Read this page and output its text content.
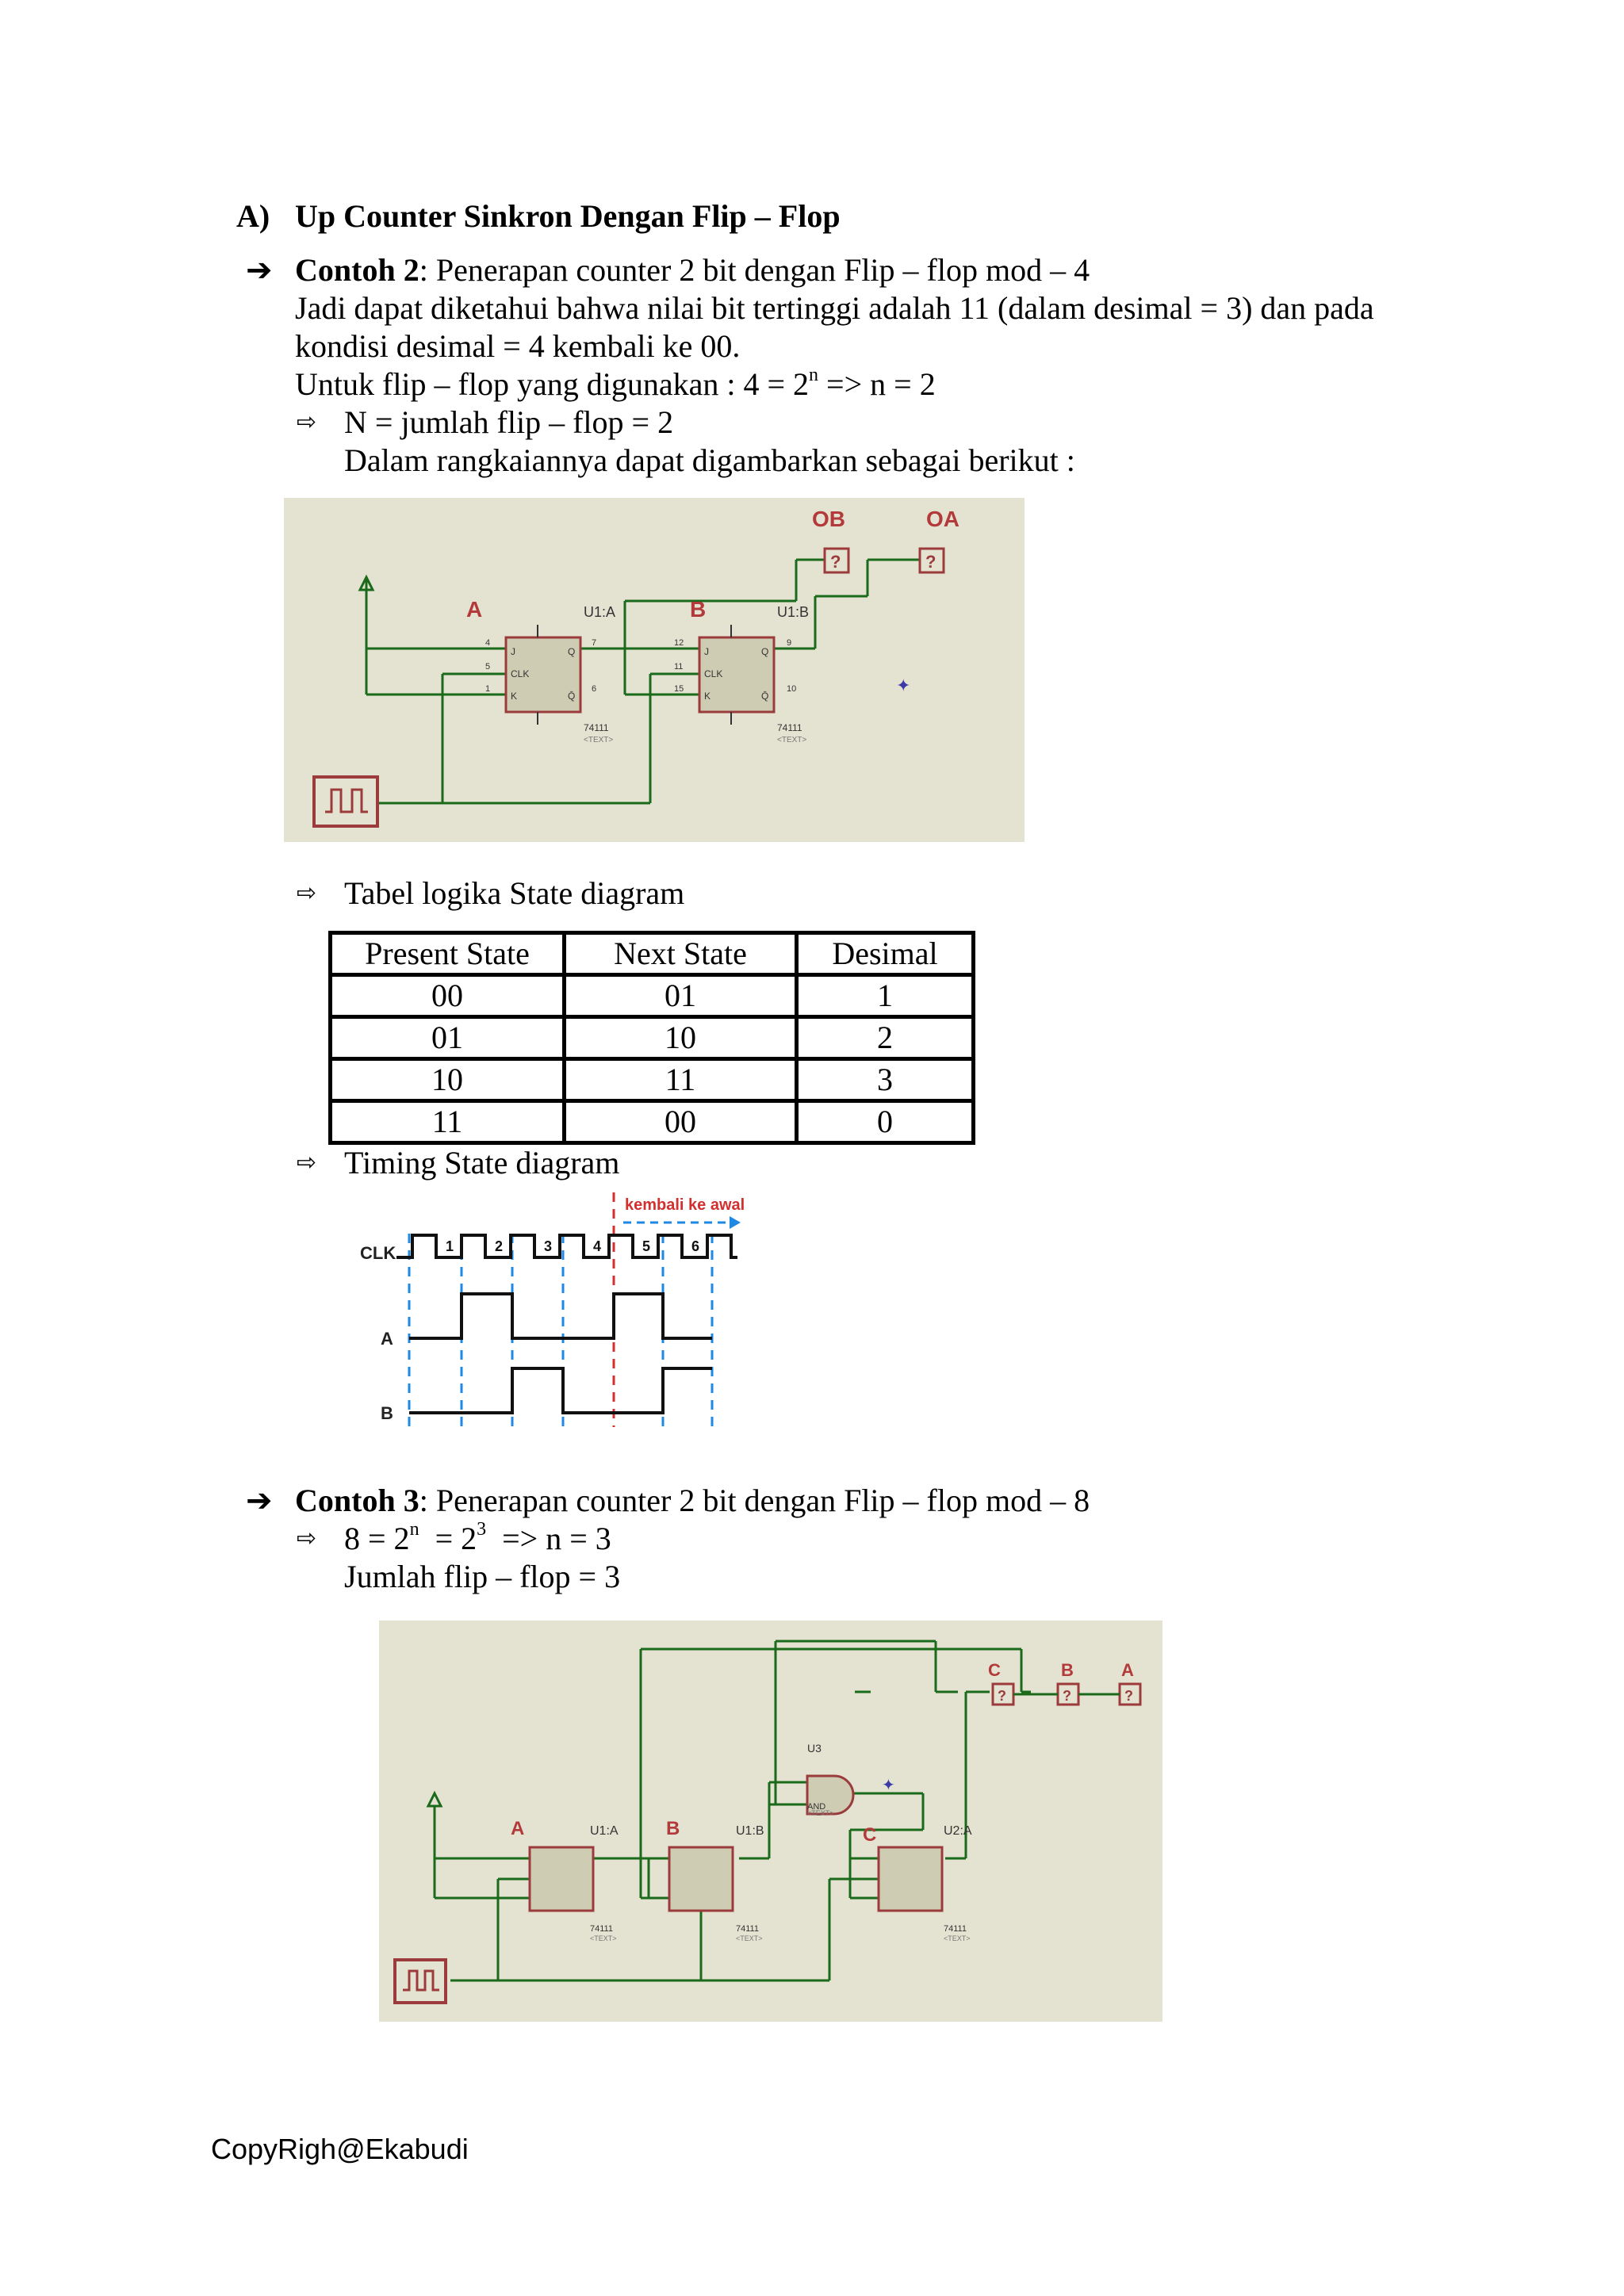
A) Up Counter Sinkron Dengan Flip – Flop
➔ Contoh 2: Penerapan counter 2 bit dengan Flip – flop mod – 4
Jadi dapat diketahui bahwa nilai bit tertinggi adalah 11 (dalam desimal = 3) dan pada
kondisi desimal = 4 kembali ke 00.
Untuk flip – flop yang digunakan : $4 = 2^n => n = 2$
⇨ N = jumlah flip – flop = 2
Dalam rangkaiannya dapat digambarkan sebagai berikut :
A	U1:A
J
CLK
K
Q
Q̄
4
5
1
7
6
74111
<TEXT>
B	U1:B
J
CLK
K
Q
Q̄
12
11
15
9
10
74111
<TEXT>
OB
?
OA
?
✦
⇨ Tabel logika State diagram
Present State	Next State	Desimal
00	01	1
01	10	2
10	11	3
11	00	0
⇨ Timing State diagram
kembali ke awal
CLK
A
B
1	2	3	4	5	6
➔ Contoh 3: Penerapan counter 2 bit dengan Flip – flop mod – 8
⇨ $8 = 2^n = 2^3 => n = 3$
Jumlah flip – flop = 3
A	U1:A
74111
<TEXT>
B	U1:B
74111
<TEXT>
C	U2:A
74111
<TEXT>
U3
AND
<TEXT>
✦
C
?
B
?
A
?
CopyRigh@Ekabudi
